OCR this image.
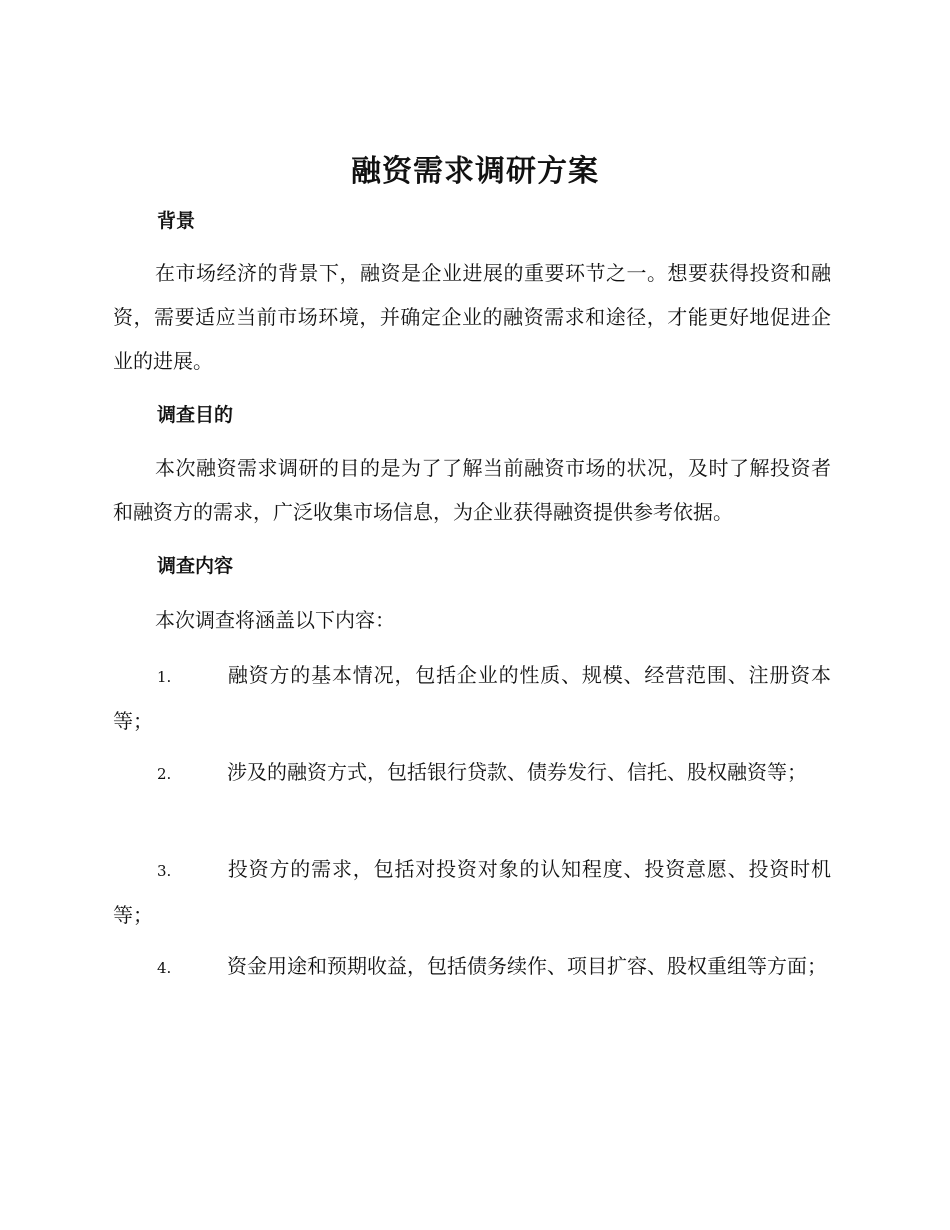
融资需求调研方案
背景

在市场经济的背景下，融资是企业进展的重要环节之一。想要获得投资和融资，需要适应当前市场环境，并确定企业的融资需求和途径，才能更好地促进企业的进展。

调查目的

本次融资需求调研的目的是为了了解当前融资市场的状况，及时了解投资者和融资方的需求，广泛收集市场信息，为企业获得融资提供参考依据。

调查内容

本次调查将涵盖以下内容：

1.	融资方的基本情况，包括企业的性质、规模、经营范围、注册资本等；

2.	涉及的融资方式，包括银行贷款、债券发行、信托、股权融资等；

3.	投资方的需求，包括对投资对象的认知程度、投资意愿、投资时机等；

4.	资金用途和预期收益，包括债务续作、项目扩容、股权重组等方面；
